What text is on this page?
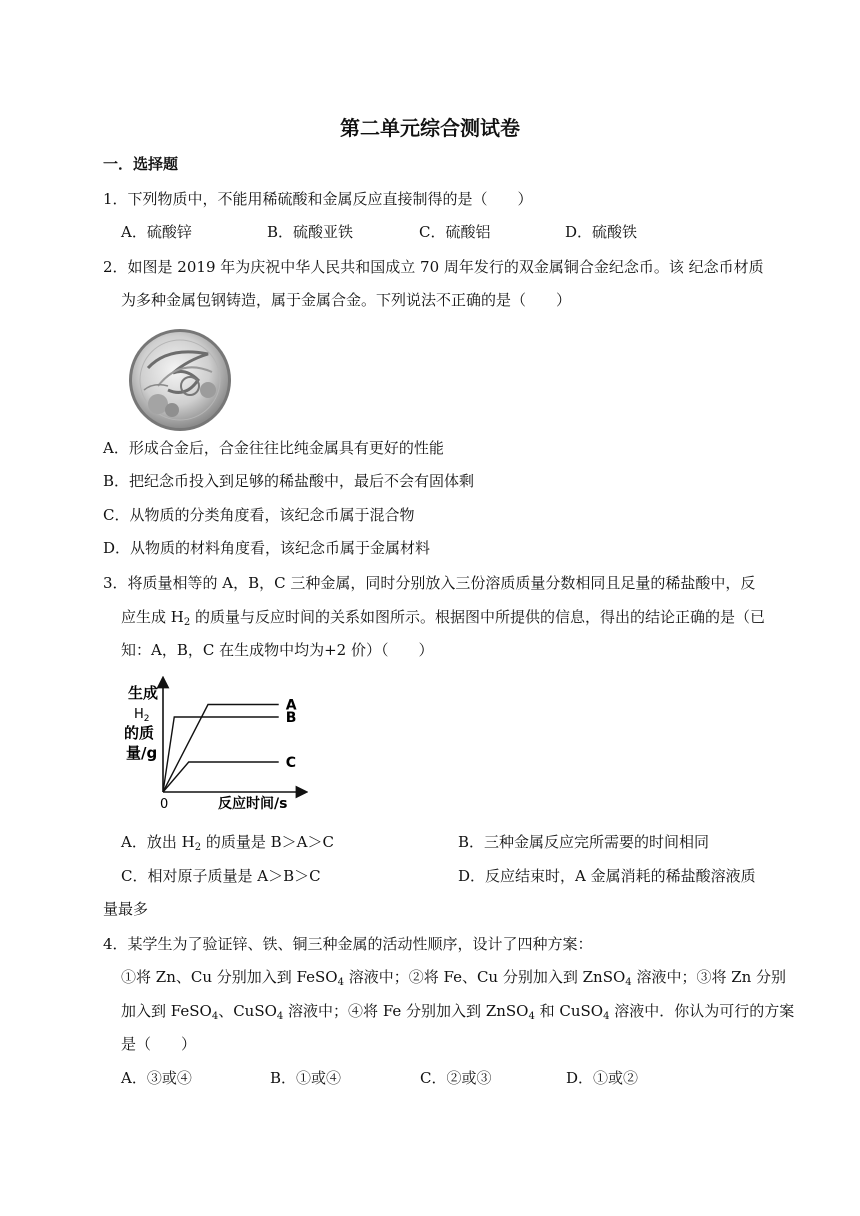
第二单元综合测试卷
一．选择题
1．下列物质中，不能用稀硫酸和金属反应直接制得的是（　　）
A．硫酸锌	B．硫酸亚铁	C．硫酸铝	D．硫酸铁
2．如图是 2019 年为庆祝中华人民共和国成立 70 周年发行的双金属铜合金纪念币。该 纪念币材质
为多种金属包钢铸造，属于金属合金。下列说法不正确的是（　　）
A．形成合金后，合金往往比纯金属具有更好的性能
B．把纪念币投入到足够的稀盐酸中，最后不会有固体剩
C．从物质的分类角度看，该纪念币属于混合物
D．从物质的材料角度看，该纪念币属于金属材料
3．将质量相等的 A，B，C 三种金属，同时分别放入三份溶质质量分数相同且足量的稀盐酸中，反
应生成 $H_2$ 的质量与反应时间的关系如图所示。根据图中所提供的信息，得出的结论正确的是（已
知：A，B，C 在生成物中均为+2 价）（　　）
A
B
C
生成
$H_2$
的质
量/g
0	反应时间/s
A．放出 $H_2$ 的质量是 B＞A＞C	B．三种金属反应完所需要的时间相同
C．相对原子质量是 A＞B＞C	D．反应结束时，A 金属消耗的稀盐酸溶液质
量最多
4．某学生为了验证锌、铁、铜三种金属的活动性顺序，设计了四种方案：
①将 Zn、Cu 分别加入到 FeSO$_4$ 溶液中；②将 Fe、Cu 分别加入到 ZnSO$_4$ 溶液中；③将 Zn 分别
加入到 FeSO$_4$、CuSO$_4$ 溶液中；④将 Fe 分别加入到 ZnSO$_4$ 和 CuSO$_4$ 溶液中．你认为可行的方案
是（　　）
A．③或④	B．①或④	C．②或③	D．①或②
